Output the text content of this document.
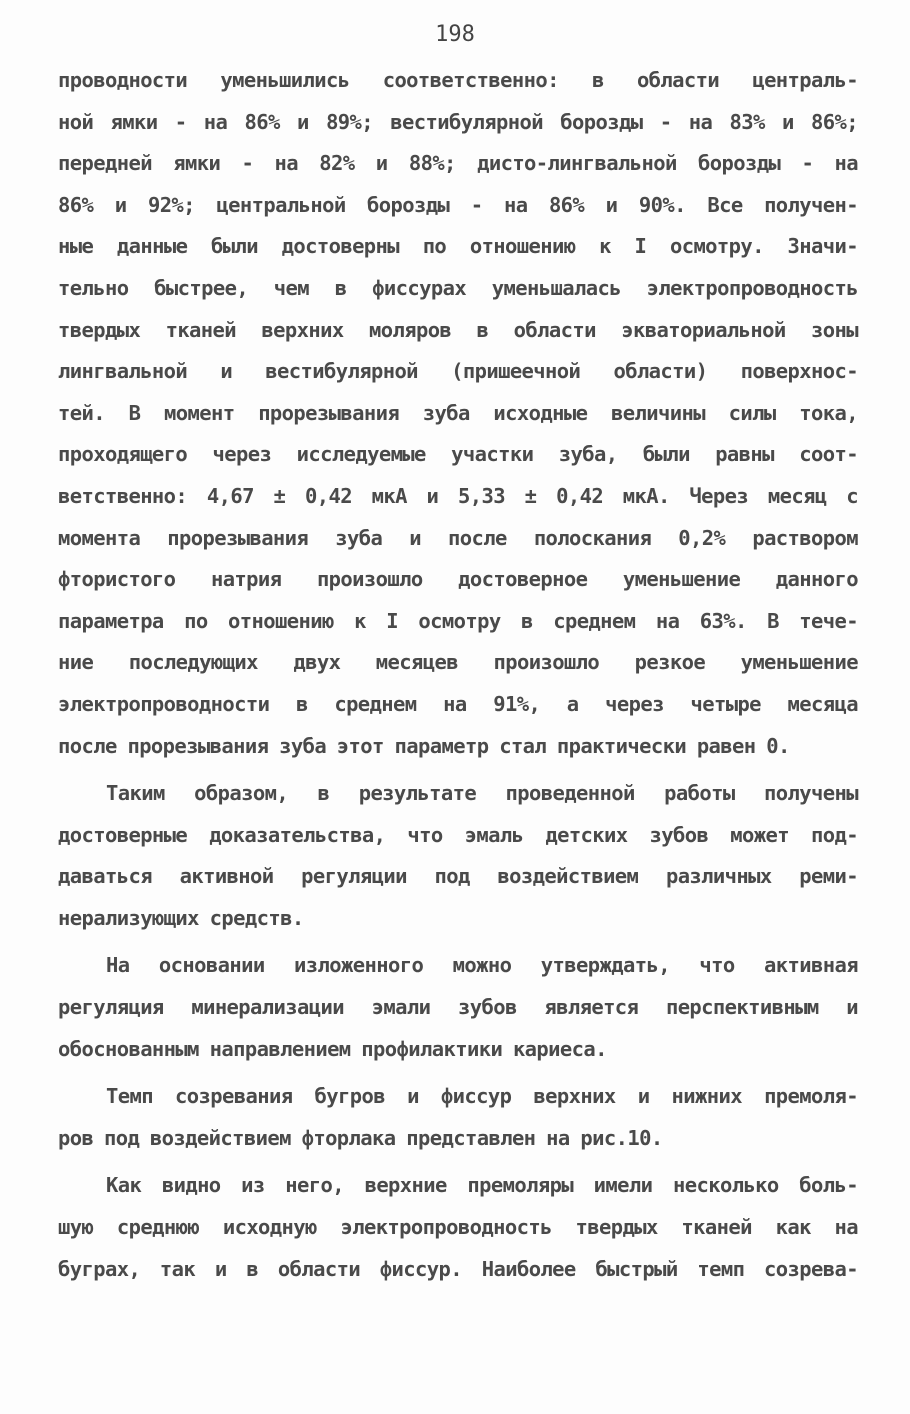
198
проводности уменьшились соответственно: в области централь-
ной ямки - на 86% и 89%; вестибулярной борозды - на 83% и 86%;
передней ямки - на 82% и 88%; дисто-лингвальной борозды - на
86% и 92%; центральной борозды - на 86% и 90%. Все получен-
ные данные были достоверны по отношению к I осмотру. Значи-
тельно быстрее, чем в фиссурах уменьшалась электропроводность
твердых тканей верхних моляров в области экваториальной зоны
лингвальной и вестибулярной (пришеечной области) поверхнос-
тей. В момент прорезывания зуба исходные величины силы тока,
проходящего через исследуемые участки зуба, были равны соот-
ветственно: 4,67 ± 0,42 мкА и 5,33 ± 0,42 мкА. Через месяц с
момента прорезывания зуба и после полоскания 0,2% раствором
фтористого натрия произошло достоверное уменьшение данного
параметра по отношению к I осмотру в среднем на 63%. В тече-
ние последующих двух месяцев произошло резкое уменьшение
электропроводности в среднем на 91%, а через четыре месяца
после прорезывания зуба этот параметр стал практически равен 0.
Таким образом, в результате проведенной работы получены
достоверные доказательства, что эмаль детских зубов может под-
даваться активной регуляции под воздействием различных реми-
нерализующих средств.
На основании изложенного можно утверждать, что активная
регуляция минерализации эмали зубов является перспективным и
обоснованным направлением профилактики кариеса.
Темп созревания бугров и фиссур верхних и нижних премоля-
ров под воздействием фторлака представлен на рис.10.
Как видно из него, верхние премоляры имели несколько боль-
шую среднюю исходную электропроводность твердых тканей как на
буграх, так и в области фиссур. Наиболее быстрый темп созрева-
